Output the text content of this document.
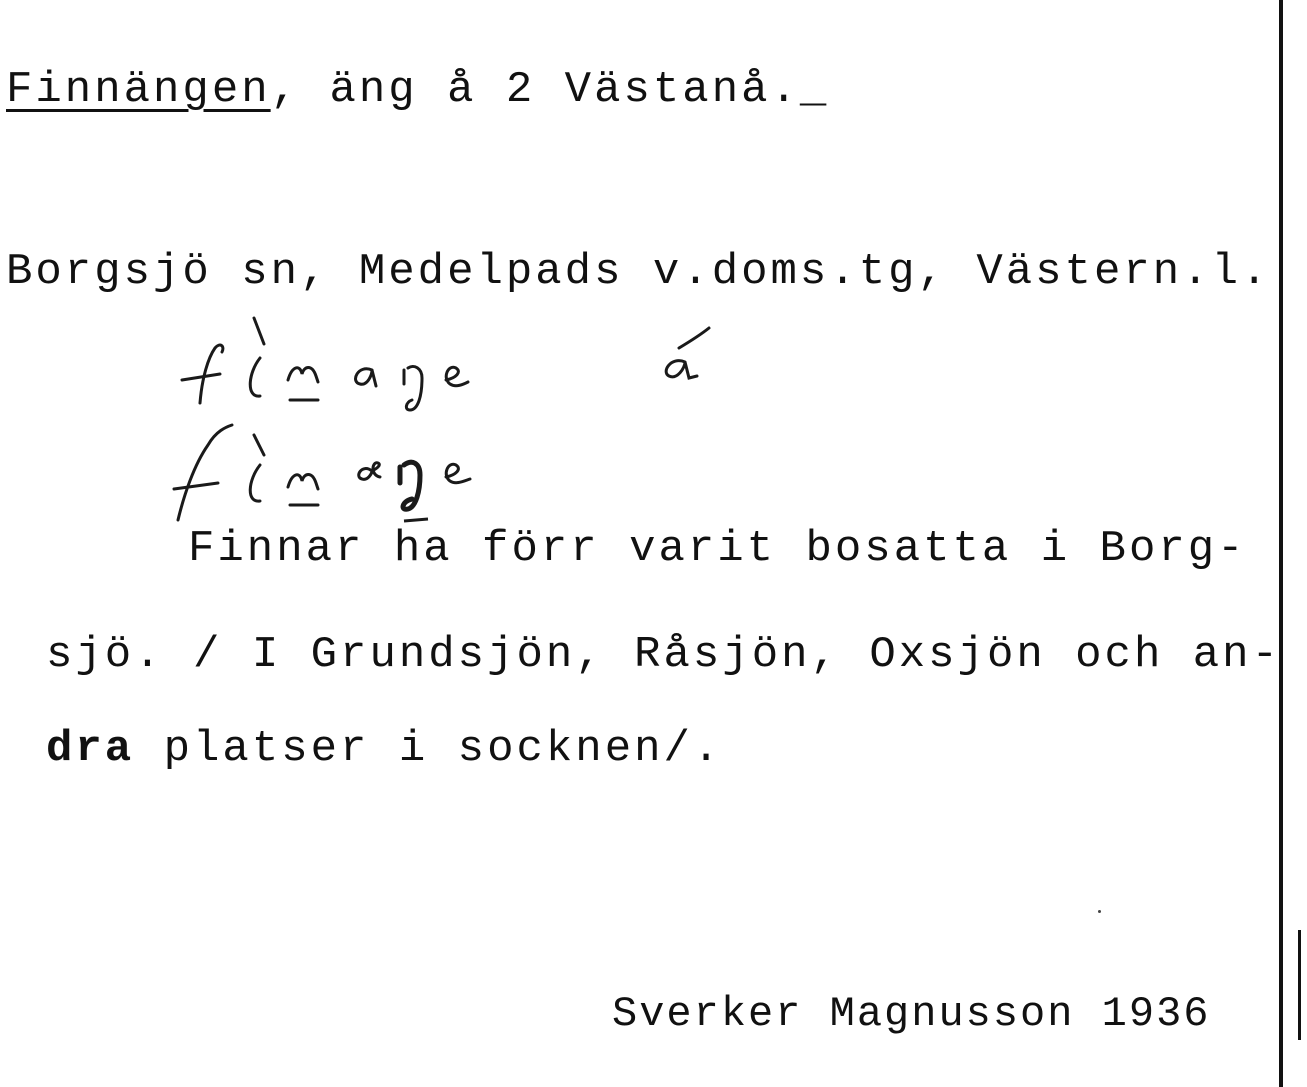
Finnängen, äng å 2 Västanå._
Borgsjö sn, Medelpads v.doms.tg, Västern.l.
Finnar ha förr varit bosatta i Borg-
sjö. / I Grundsjön, Råsjön, Oxsjön och an-
dra platser i socknen/.
Sverker Magnusson 1936
